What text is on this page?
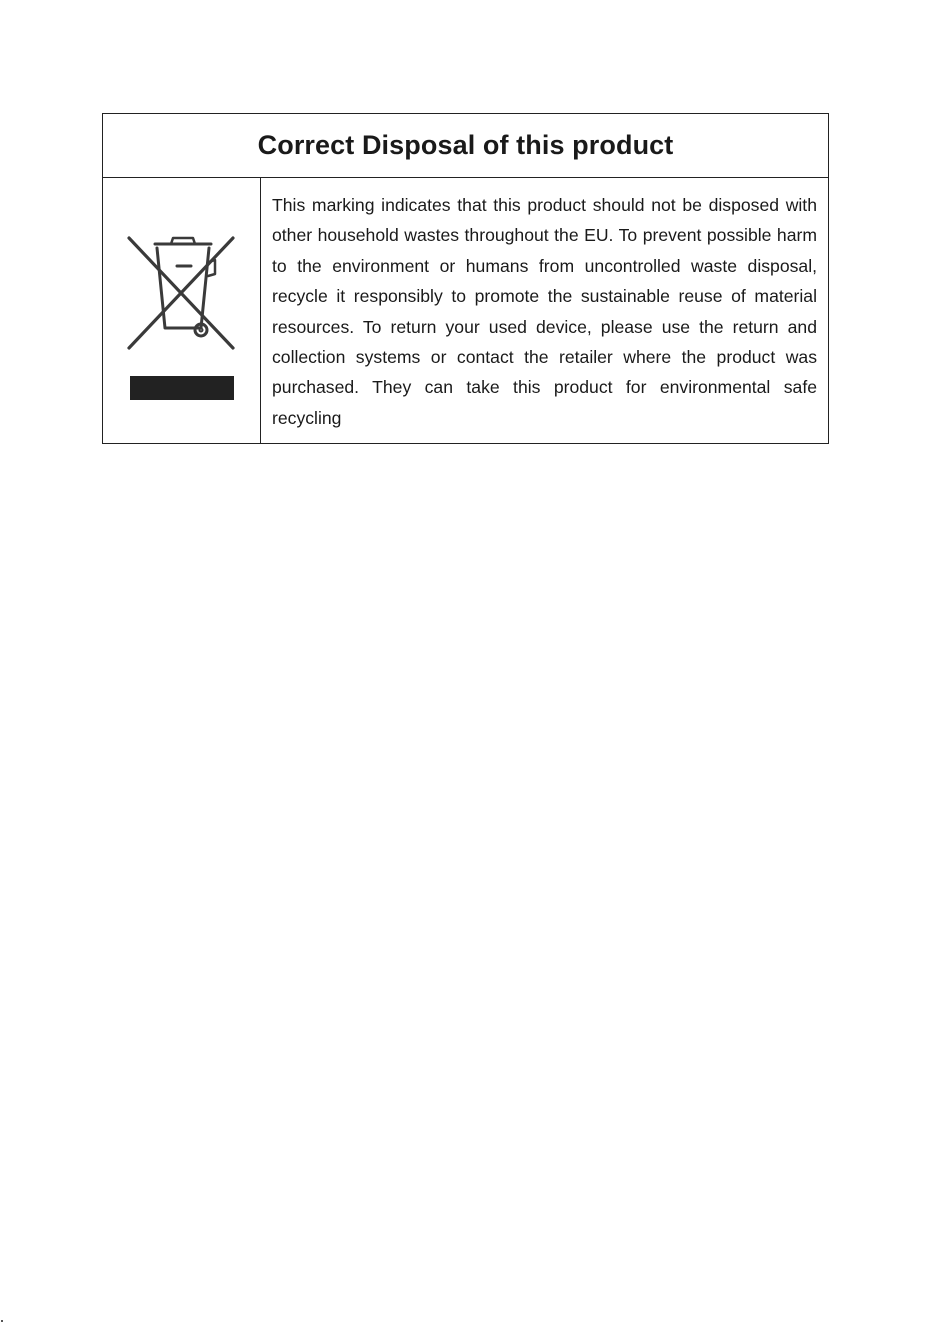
Correct Disposal of this product

This marking indicates that this product should not be disposed with other household wastes throughout the EU. To prevent possible harm to the environment or humans from uncontrolled waste disposal, recycle it responsibly to promote the sustainable reuse of material resources. To return your used device, please use the return and collection systems or contact the retailer where the product was purchased. They can take this product for environmental safe recycling
